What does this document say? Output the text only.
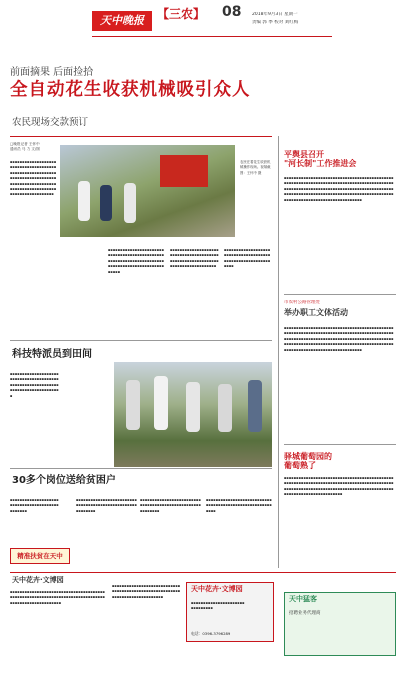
天中晚报	【三农】 08 2018年9月3日 星期一
责编 郭 季 校对 刘红梅
前面摘果 后面捡拾
全自动花生收获机械吸引众人
农民现场交款预订
□晚报记者 王怀中
通讯员 马 力 文/图
▪▪▪▪▪▪▪▪▪▪▪▪▪▪▪▪▪▪▪▪▪▪▪▪▪▪▪▪▪▪▪▪▪▪▪▪▪▪▪▪▪▪▪▪▪▪▪▪▪▪▪▪▪▪▪▪▪▪▪▪▪▪▪▪▪▪▪▪▪▪▪▪▪▪▪▪▪▪▪▪▪▪▪▪▪▪▪▪▪▪▪▪▪▪▪▪▪▪▪▪▪▪▪▪▪▪▪▪▪▪▪▪▪▪▪▪▪▪▪▪▪▪▪▪▪▪▪▪▪▪▪▪
农民在看花生收获机械操作现场。视频截图：王怀中 摄
▪▪▪▪▪▪▪▪▪▪▪▪▪▪▪▪▪▪▪▪▪▪▪▪▪▪▪▪▪▪▪▪▪▪▪▪▪▪▪▪▪▪▪▪▪▪▪▪▪▪▪▪▪▪▪▪▪▪▪▪▪▪▪▪▪▪▪▪▪▪▪▪▪▪▪▪▪▪▪▪▪▪▪▪▪▪▪▪▪▪▪▪▪▪▪▪▪
▪▪▪▪▪▪▪▪▪▪▪▪▪▪▪▪▪▪▪▪▪▪▪▪▪▪▪▪▪▪▪▪▪▪▪▪▪▪▪▪▪▪▪▪▪▪▪▪▪▪▪▪▪▪▪▪▪▪▪▪▪▪▪▪▪▪▪▪▪▪▪▪▪▪▪▪▪▪▪
▪▪▪▪▪▪▪▪▪▪▪▪▪▪▪▪▪▪▪▪▪▪▪▪▪▪▪▪▪▪▪▪▪▪▪▪▪▪▪▪▪▪▪▪▪▪▪▪▪▪▪▪▪▪▪▪▪▪▪▪▪
科技特派员到田间
▪▪▪▪▪▪▪▪▪▪▪▪▪▪▪▪▪▪▪▪▪▪▪▪▪▪▪▪▪▪▪▪▪▪▪▪▪▪▪▪▪▪▪▪▪▪▪▪▪▪▪▪▪▪▪▪▪▪▪▪▪▪▪▪▪▪▪▪▪▪▪▪▪▪▪▪▪▪▪▪▪
30多个岗位送给贫困户
▪▪▪▪▪▪▪▪▪▪▪▪▪▪▪▪▪▪▪▪▪▪▪▪▪▪▪▪▪▪▪▪▪▪▪▪▪▪▪▪▪▪▪▪▪▪▪
精准扶贫在天中
▪▪▪▪▪▪▪▪▪▪▪▪▪▪▪▪▪▪▪▪▪▪▪▪▪▪▪▪▪▪▪▪▪▪▪▪▪▪▪▪▪▪▪▪▪▪▪▪▪▪▪▪▪▪▪▪▪▪
▪▪▪▪▪▪▪▪▪▪▪▪▪▪▪▪▪▪▪▪▪▪▪▪▪▪▪▪▪▪▪▪▪▪▪▪▪▪▪▪▪▪▪▪▪▪▪▪▪▪▪▪▪▪▪▪▪▪
▪▪▪▪▪▪▪▪▪▪▪▪▪▪▪▪▪▪▪▪▪▪▪▪▪▪▪▪▪▪▪▪▪▪▪▪▪▪▪▪▪▪▪▪▪▪▪▪▪▪▪▪▪▪▪▪▪▪
天中花卉·文博园
▪▪▪▪▪▪▪▪▪▪▪▪▪▪▪▪▪▪▪▪▪▪▪▪▪▪▪▪▪▪▪▪▪▪▪▪▪▪▪▪▪▪▪▪▪▪▪▪▪▪▪▪▪▪▪▪▪▪▪▪▪▪▪▪▪▪▪▪▪▪▪▪▪▪▪▪▪▪▪▪▪▪▪▪▪▪▪▪▪▪▪▪▪▪▪▪▪▪▪
▪▪▪▪▪▪▪▪▪▪▪▪▪▪▪▪▪▪▪▪▪▪▪▪▪▪▪▪▪▪▪▪▪▪▪▪▪▪▪▪▪▪▪▪▪▪▪▪▪▪▪▪▪▪▪▪▪▪▪▪▪▪▪▪▪▪▪▪▪▪▪▪▪▪▪▪▪
天中花卉·文博园
▪▪▪▪▪▪▪▪▪▪▪▪▪▪▪▪▪▪▪▪▪▪▪▪▪▪▪▪▪▪▪
电话：0396-3796289
平舆县召开
"河长制"工作推进会
▪▪▪▪▪▪▪▪▪▪▪▪▪▪▪▪▪▪▪▪▪▪▪▪▪▪▪▪▪▪▪▪▪▪▪▪▪▪▪▪▪▪▪▪▪▪▪▪▪▪▪▪▪▪▪▪▪▪▪▪▪▪▪▪▪▪▪▪▪▪▪▪▪▪▪▪▪▪▪▪▪▪▪▪▪▪▪▪▪▪▪▪▪▪▪▪▪▪▪▪▪▪▪▪▪▪▪▪▪▪▪▪▪▪▪▪▪▪▪▪▪▪▪▪▪▪▪▪▪▪▪▪▪▪▪▪▪▪▪▪▪▪▪▪▪▪▪▪▪▪▪▪▪▪▪▪▪▪▪▪▪▪▪▪▪▪▪▪▪▪▪▪▪▪▪▪▪▪▪▪▪▪▪▪▪▪▪▪▪▪▪▪▪▪▪▪▪▪▪▪▪▪▪▪▪▪▪▪▪▪▪▪
市农村公路管理处
举办职工文体活动
▪▪▪▪▪▪▪▪▪▪▪▪▪▪▪▪▪▪▪▪▪▪▪▪▪▪▪▪▪▪▪▪▪▪▪▪▪▪▪▪▪▪▪▪▪▪▪▪▪▪▪▪▪▪▪▪▪▪▪▪▪▪▪▪▪▪▪▪▪▪▪▪▪▪▪▪▪▪▪▪▪▪▪▪▪▪▪▪▪▪▪▪▪▪▪▪▪▪▪▪▪▪▪▪▪▪▪▪▪▪▪▪▪▪▪▪▪▪▪▪▪▪▪▪▪▪▪▪▪▪▪▪▪▪▪▪▪▪▪▪▪▪▪▪▪▪▪▪▪▪▪▪▪▪▪▪▪▪▪▪▪▪▪▪▪▪▪▪▪▪▪▪▪▪▪▪▪▪▪▪▪▪▪▪▪▪▪▪▪▪▪▪▪▪▪▪▪▪▪▪▪▪▪▪▪▪▪▪▪▪▪▪
驿城葡萄园的
葡萄熟了
▪▪▪▪▪▪▪▪▪▪▪▪▪▪▪▪▪▪▪▪▪▪▪▪▪▪▪▪▪▪▪▪▪▪▪▪▪▪▪▪▪▪▪▪▪▪▪▪▪▪▪▪▪▪▪▪▪▪▪▪▪▪▪▪▪▪▪▪▪▪▪▪▪▪▪▪▪▪▪▪▪▪▪▪▪▪▪▪▪▪▪▪▪▪▪▪▪▪▪▪▪▪▪▪▪▪▪▪▪▪▪▪▪▪▪▪▪▪▪▪▪▪▪▪▪▪▪▪▪▪▪▪▪▪▪▪▪▪▪▪▪▪▪▪▪▪▪▪▪▪▪▪▪▪▪▪▪▪▪
天中猛客
招聘业务代理商
